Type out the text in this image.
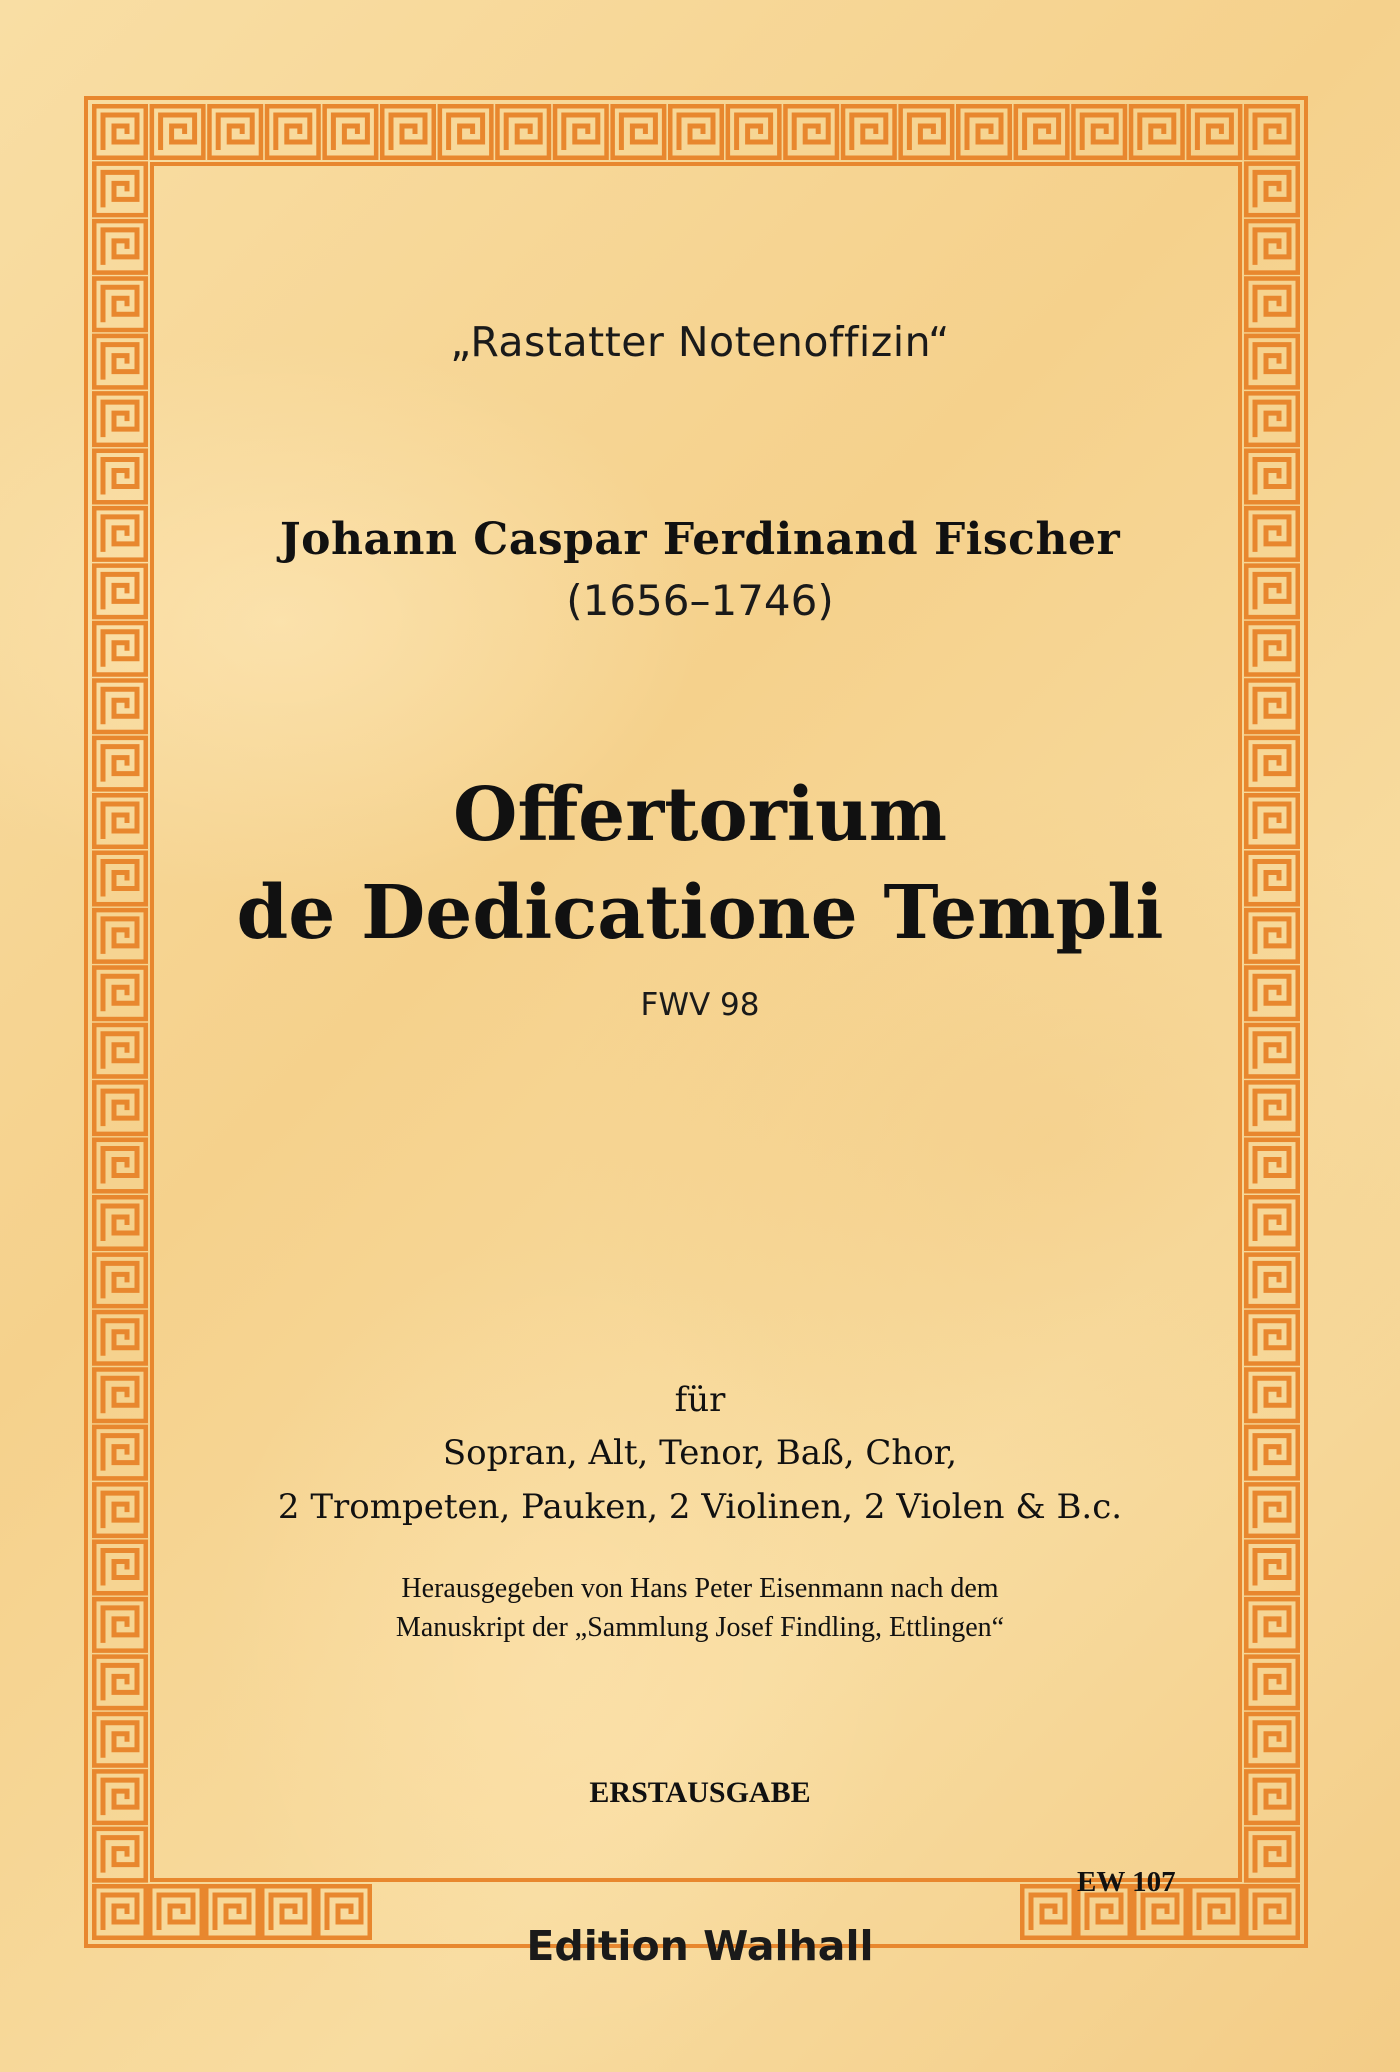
„Rastatter Notenoffizin“
Johann Caspar Ferdinand Fischer
(1656–1746)
Offertorium
de Dedicatione Templi
FWV 98
für
Sopran, Alt, Tenor, Baß, Chor,
2 Trompeten, Pauken, 2 Violinen, 2 Violen & B.c.
Herausgegeben von Hans Peter Eisenmann nach dem
Manuskript der „Sammlung Josef Findling, Ettlingen“
ERSTAUSGABE
EW 107
Edition Walhall
